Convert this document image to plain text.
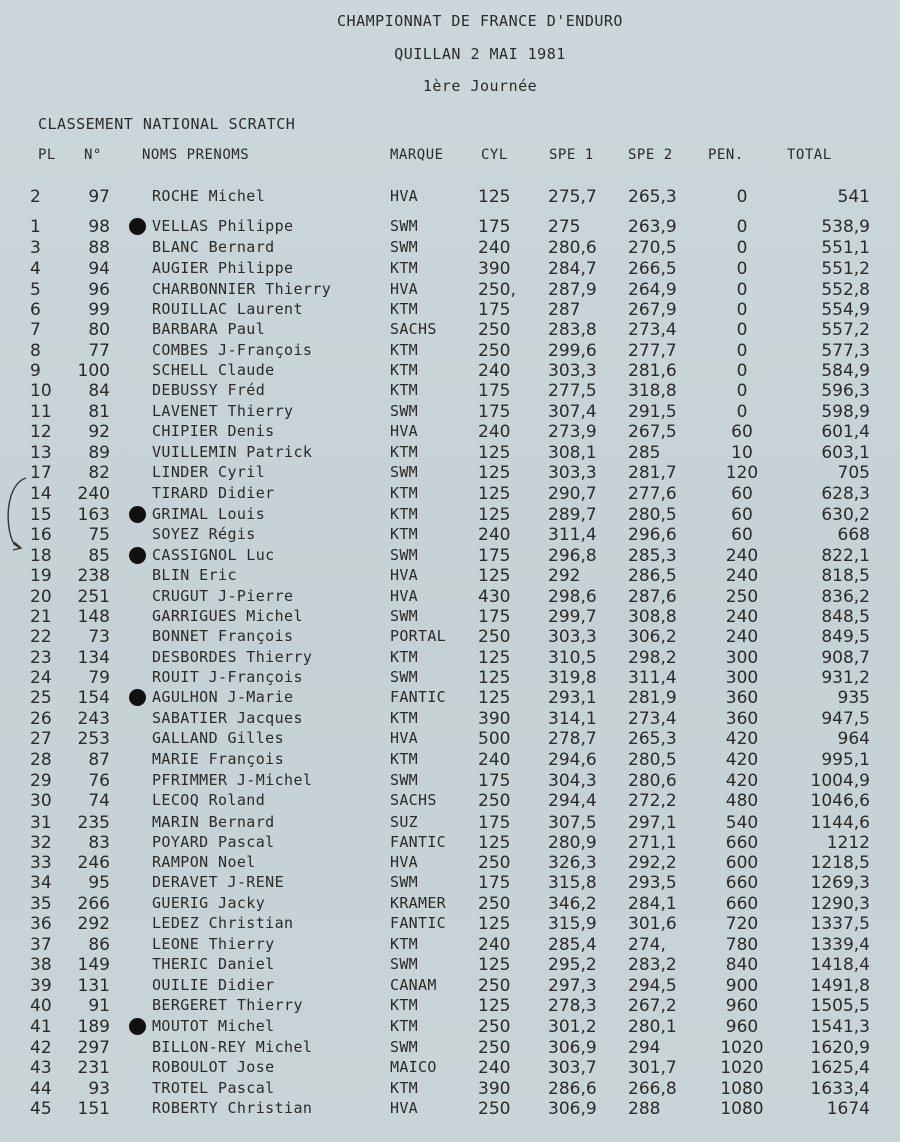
CHAMPIONNAT DE FRANCE D'ENDURO
QUILLAN 2 MAI 1981
1ère Journée
CLASSEMENT NATIONAL SCRATCH
PL N°	NOMS PRENOMS	MARQUE	CYL	SPE 1 SPE 2	PEN.	TOTAL
2	97	ROCHE Michel	HVA	125	275,7 265,3	0	541
1	98	VELLAS Philippe	SWM	175	275	263,9	0	538,9
3	88	BLANC Bernard	SWM	240	280,6 270,5	0	551,1
4	94	AUGIER Philippe	KTM	390	284,7 266,5	0	551,2
5	96	CHARBONNIER Thierry	HVA	250, 287,9 264,9	0	552,8
6	99	ROUILLAC Laurent	KTM	175	287	267,9	0	554,9
7	80	BARBARA Paul	SACHS 250	283,8 273,4	0	557,2
8	77	COMBES J-François	KTM	250	299,6 277,7	0	577,3
9	100	SCHELL Claude	KTM	240	303,3 281,6	0	584,9
10	84	DEBUSSY Fréd	KTM	175	277,5 318,8	0	596,3
11	81	LAVENET Thierry	SWM	175	307,4 291,5	0	598,9
12	92	CHIPIER Denis	HVA	240	273,9 267,5	60	601,4
13	89	VUILLEMIN Patrick	KTM	125	308,1 285	10	603,1
17	82	LINDER Cyril	SWM	125	303,3 281,7	120	705
14	240	TIRARD Didier	KTM	125	290,7 277,6	60	628,3
15	163	GRIMAL Louis	KTM	125	289,7 280,5	60	630,2
16	75	SOYEZ Régis	KTM	240	311,4 296,6	60	668
18	85	CASSIGNOL Luc	SWM	175	296,8 285,3	240	822,1
19	238	BLIN Eric	HVA	125	292	286,5	240	818,5
20	251	CRUGUT J-Pierre	HVA	430	298,6 287,6	250	836,2
21	148	GARRIGUES Michel	SWM	175	299,7 308,8	240	848,5
22	73	BONNET François	PORTAL 250	303,3 306,2	240	849,5
23	134	DESBORDES Thierry	KTM	125	310,5 298,2	300	908,7
24	79	ROUIT J-François	SWM	125	319,8 311,4	300	931,2
25	154	AGULHON J-Marie	FANTIC 125	293,1 281,9	360	935
26	243	SABATIER Jacques	KTM	390	314,1 273,4	360	947,5
27	253	GALLAND Gilles	HVA	500	278,7 265,3	420	964
28	87	MARIE François	KTM	240	294,6 280,5	420	995,1
29	76	PFRIMMER J-Michel	SWM	175	304,3 280,6	420	1004,9
30	74	LECOQ Roland	SACHS 250	294,4 272,2	480	1046,6
31	235	MARIN Bernard	SUZ	175	307,5 297,1	540	1144,6
32	83	POYARD Pascal	FANTIC 125	280,9 271,1	660	1212
33	246	RAMPON Noel	HVA	250	326,3 292,2	600	1218,5
34	95	DERAVET J-RENE	SWM	175	315,8 293,5	660	1269,3
35	266	GUERIG Jacky	KRAMER 250	346,2 284,1	660	1290,3
36	292	LEDEZ Christian	FANTIC 125	315,9 301,6	720	1337,5
37	86	LEONE Thierry	KTM	240	285,4 274,	780	1339,4
38	149	THERIC Daniel	SWM	125	295,2 283,2	840	1418,4
39	131	OUILIE Didier	CANAM 250	297,3 294,5	900	1491,8
40	91	BERGERET Thierry	KTM	125	278,3 267,2	960	1505,5
41	189	MOUTOT Michel	KTM	250	301,2 280,1	960	1541,3
42	297	BILLON-REY Michel	SWM	250	306,9 294	1020	1620,9
43	231	ROBOULOT Jose	MAICO 240	303,7 301,7	1020	1625,4
44	93	TROTEL Pascal	KTM	390	286,6 266,8	1080	1633,4
45	151	ROBERTY Christian	HVA	250	306,9 288	1080	1674
